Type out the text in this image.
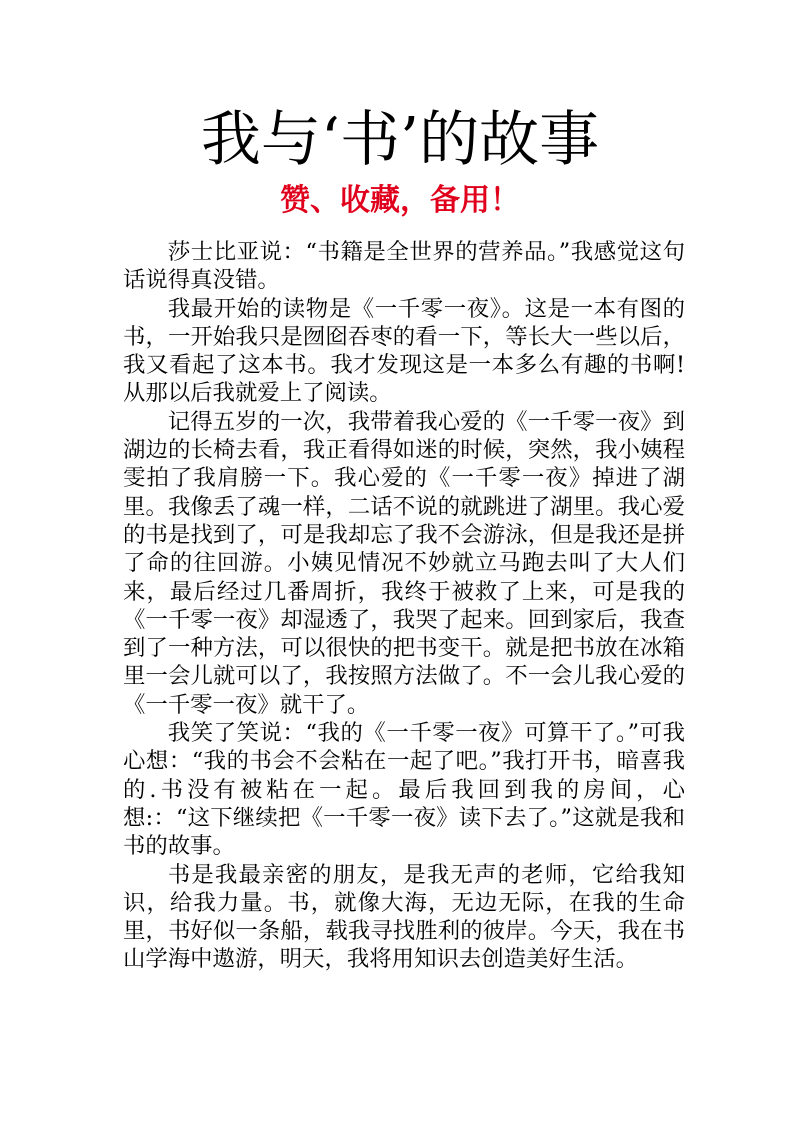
我与‘书’的故事
赞、收藏，备用！

莎士比亚说：“书籍是全世界的营养品。”我感觉这句话说得真没错。

我最开始的读物是《一千零一夜》。这是一本有图的书，一开始我只是囫囵吞枣的看一下，等长大一些以后，我又看起了这本书。我才发现这是一本多么有趣的书啊!从那以后我就爱上了阅读。

记得五岁的一次，我带着我心爱的《一千零一夜》到湖边的长椅去看，我正看得如迷的时候，突然，我小姨程雯拍了我肩膀一下。我心爱的《一千零一夜》掉进了湖里。我像丢了魂一样，二话不说的就跳进了湖里。我心爱的书是找到了，可是我却忘了我不会游泳，但是我还是拼了命的往回游。小姨见情况不妙就立马跑去叫了大人们来，最后经过几番周折，我终于被救了上来，可是我的《一千零一夜》却湿透了，我哭了起来。回到家后，我查到了一种方法，可以很快的把书变干。就是把书放在冰箱里一会儿就可以了，我按照方法做了。不一会儿我心爱的《一千零一夜》就干了。

我笑了笑说：“我的《一千零一夜》可算干了。”可我心想：“我的书会不会粘在一起了吧。”我打开书，暗喜我的.书没有被粘在一起。最后我回到我的房间，心想:：“这下继续把《一千零一夜》读下去了。”这就是我和书的故事。

书是我最亲密的朋友，是我无声的老师，它给我知识，给我力量。书，就像大海，无边无际，在我的生命里，书好似一条船，载我寻找胜利的彼岸。今天，我在书山学海中遨游，明天，我将用知识去创造美好生活。
